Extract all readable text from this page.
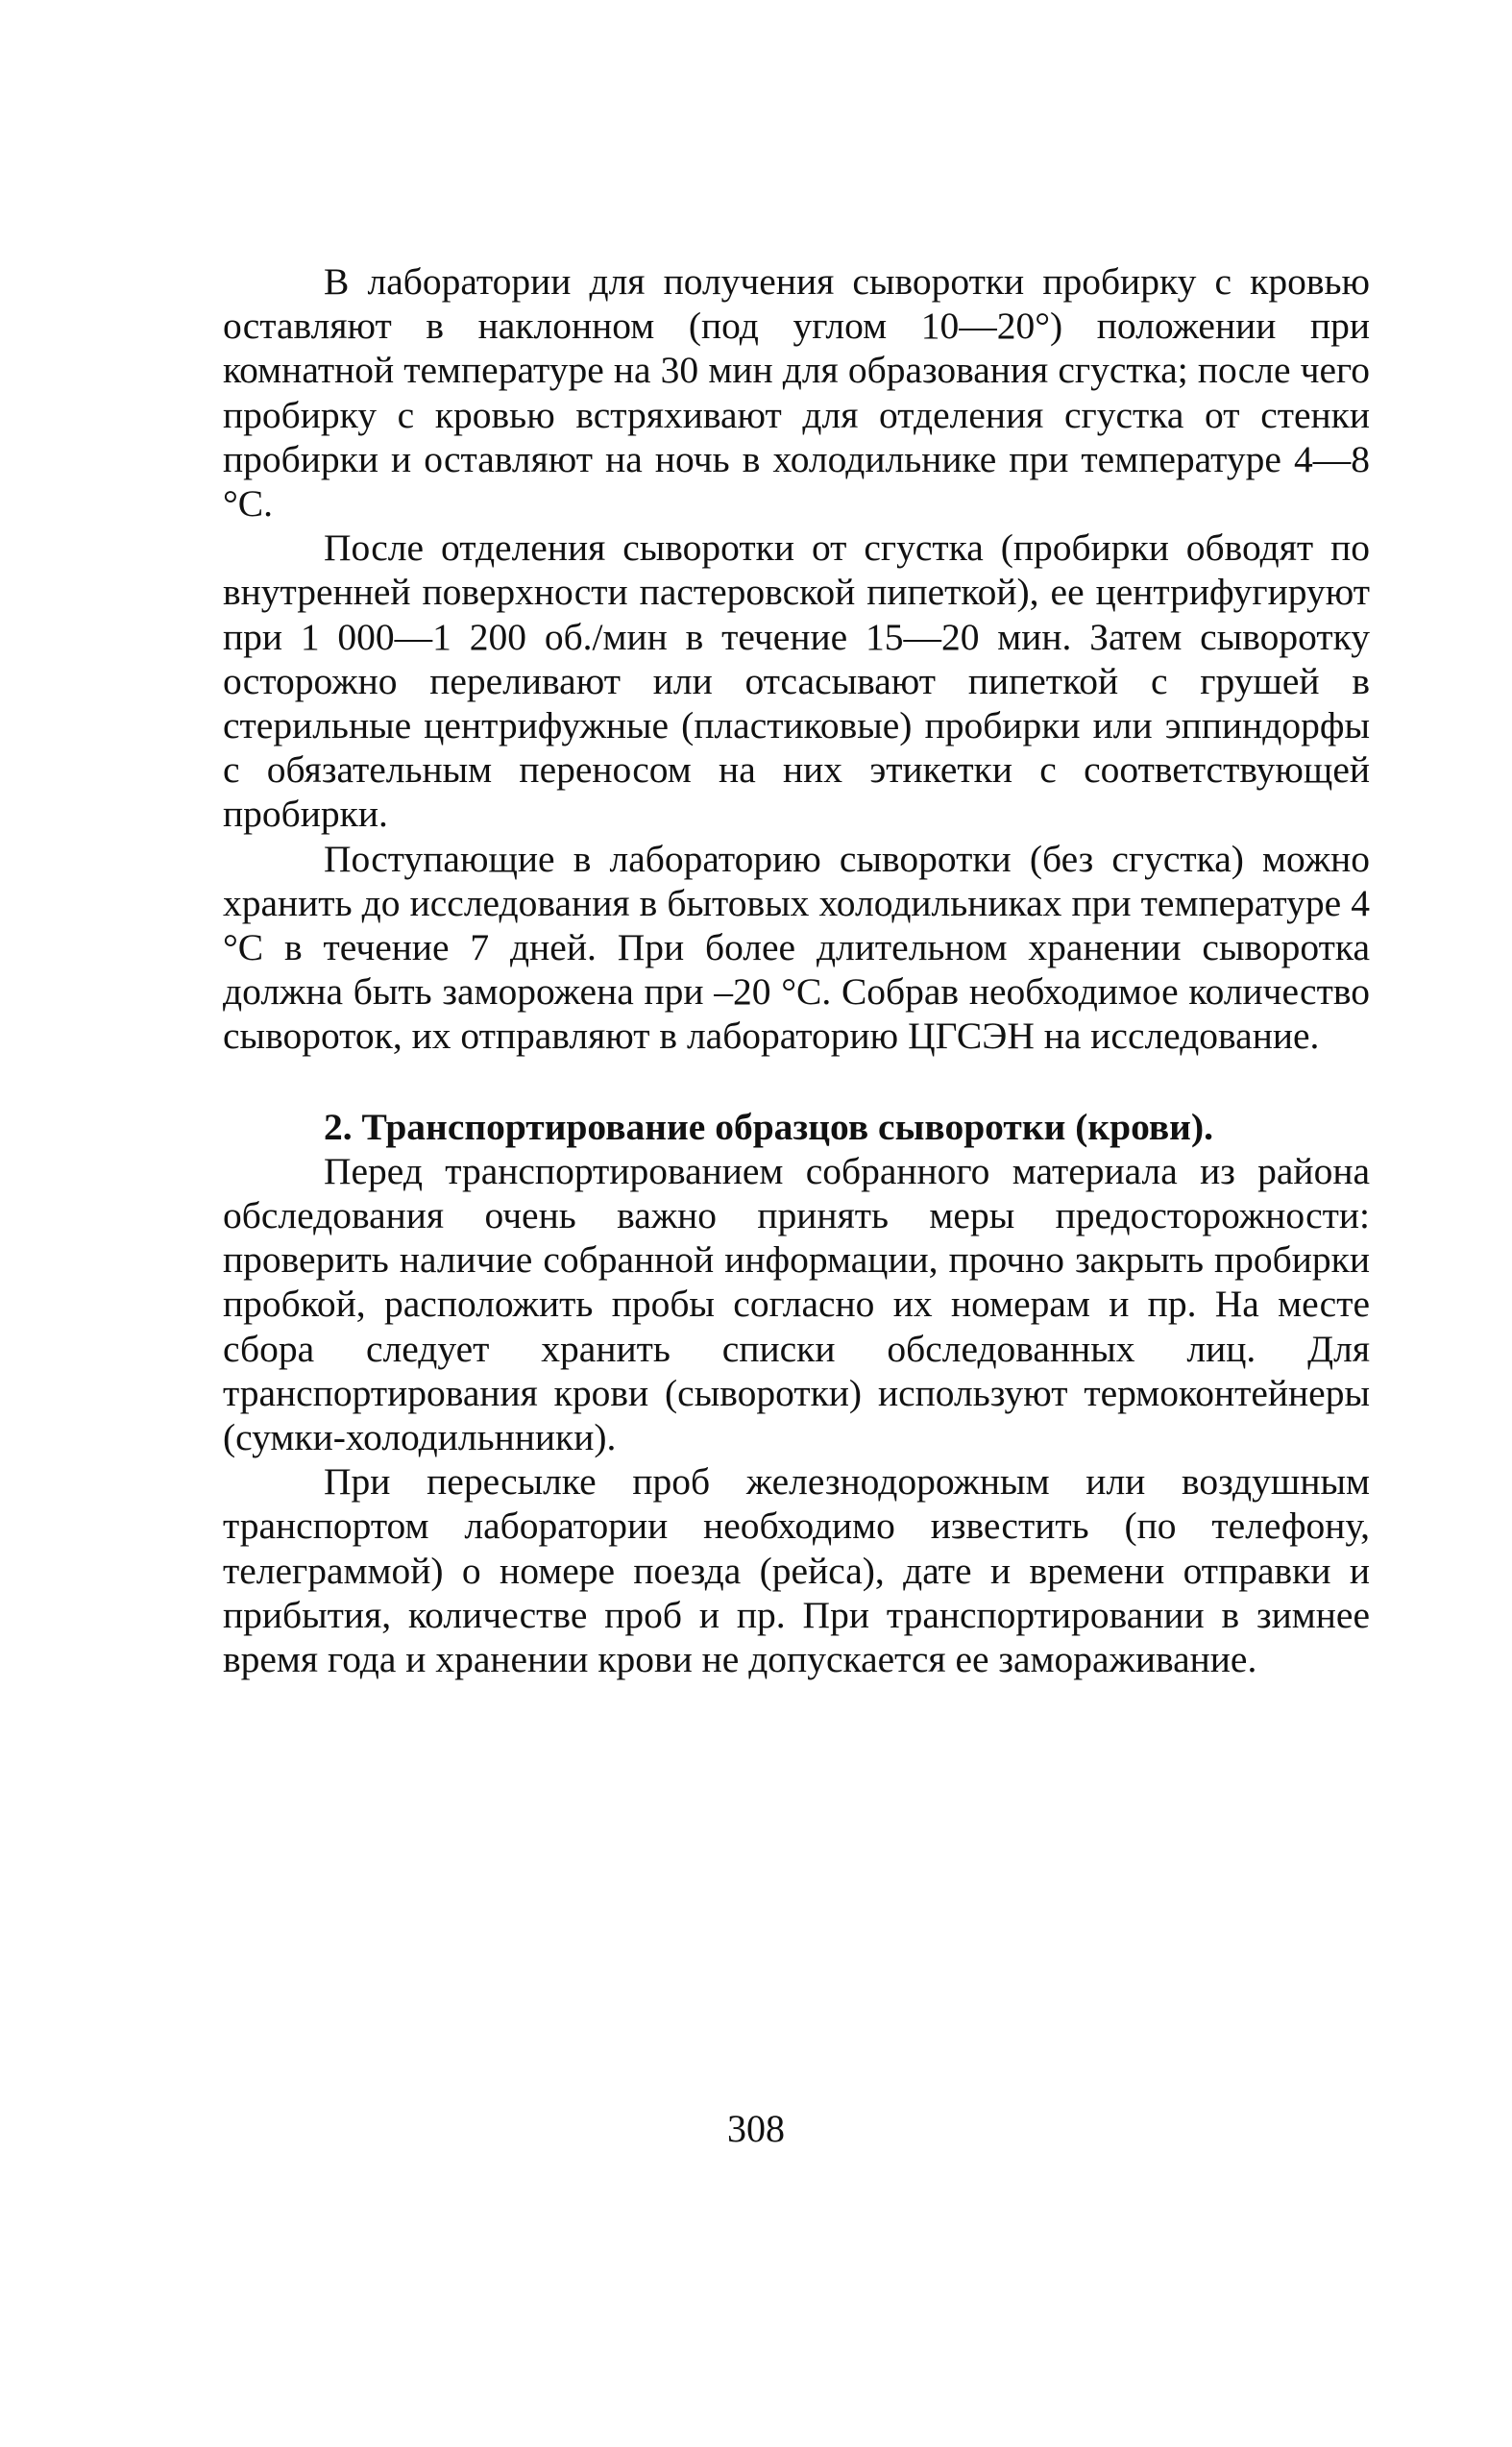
В лаборатории для получения сыворотки пробирку с кровью оставляют в наклонном (под углом 10—20°) положении при комнатной температуре на 30 мин для образования сгустка; после чего пробирку с кровью встряхивают для отделения сгустка от стенки пробирки и оставляют на ночь в холодильнике при температуре 4—8 °С.

После отделения сыворотки от сгустка (пробирки обводят по внутренней поверхности пастеровской пипеткой), ее центрифугируют при 1 000—1 200 об./мин в течение 15—20 мин. Затем сыворотку осторожно переливают или отсасывают пипеткой с грушей в стерильные центрифужные (пластиковые) пробирки или эппиндорфы с обязательным переносом на них этикетки с соответствующей пробирки.

Поступающие в лабораторию сыворотки (без сгустка) можно хранить до исследования в бытовых холодильниках при температуре 4 °С в течение 7 дней. При более длительном хранении сыворотка должна быть заморожена при –20 °С. Собрав необходимое количество сывороток, их отправляют в лабораторию ЦГСЭН на исследование.

2. Транспортирование образцов сыворотки (крови).

Перед транспортированием собранного материала из района обследования очень важно принять меры предосторожности: проверить наличие собранной информации, прочно закрыть пробирки пробкой, расположить пробы согласно их номерам и пр. На месте сбора следует хранить списки обследованных лиц. Для транспортирования крови (сыворотки) используют термоконтейнеры (сумки-холодильнники).

При пересылке проб железнодорожным или воздушным транспортом лаборатории необходимо известить (по телефону, телеграммой) о номере поезда (рейса), дате и времени отправки и прибытия, количестве проб и пр. При транспортировании в зимнее время года и хранении крови не допускается ее замораживание.

308
